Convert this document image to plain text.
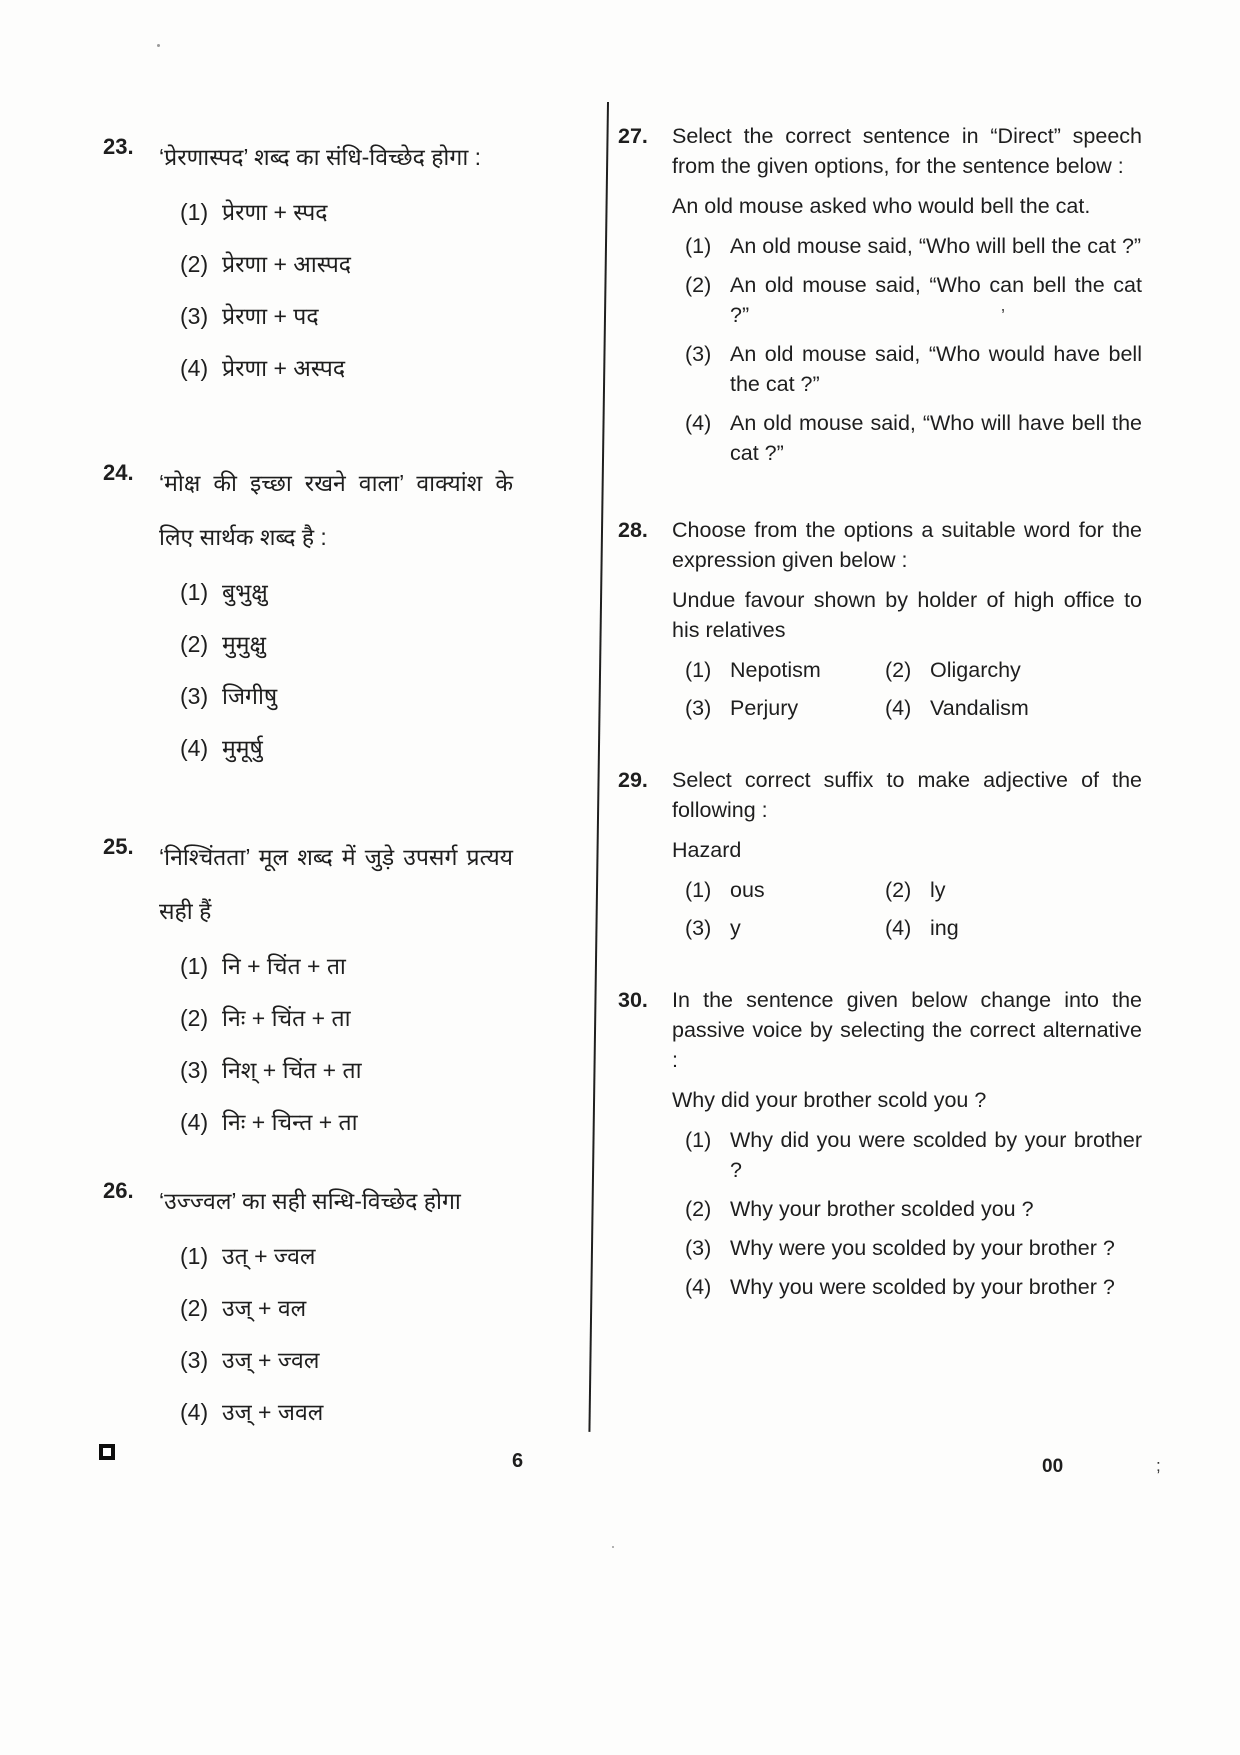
23.	‘प्रेरणास्पद’ शब्द का संधि-विच्छेद होगा :

(1) प्रेरणा + स्पद
(2) प्रेरणा + आस्पद
(3) प्रेरणा + पद
(4) प्रेरणा + अस्पद
24.	‘मोक्ष की इच्छा रखने वाला’ वाक्यांश के लिए सार्थक शब्द है :

(1) बुभुक्षु
(2) मुमुक्षु
(3) जिगीषु
(4) मुमूर्षु
25.	‘निश्चिंतता’ मूल शब्द में जुड़े उपसर्ग प्रत्यय सही हैं

(1) नि + चिंत + ता
(2) निः + चिंत + ता
(3) निश् + चिंत + ता
(4) निः + चिन्त + ता
26.	‘उज्ज्वल’ का सही सन्धि-विच्छेद होगा

(1) उत् + ज्वल
(2) उज् + वल
(3) उज् + ज्वल
(4) उज् + जवल
27.	Select the correct sentence in “Direct” speech from the given options, for the sentence below :

An old mouse asked who would bell the cat.

(1) An old mouse said, “Who will bell the cat ?”
(2) An old mouse said, “Who can bell the cat ?”
(3) An old mouse said, “Who would have bell the cat ?”
(4) An old mouse said, “Who will have bell the cat ?”
28.	Choose from the options a suitable word for the expression given below :

Undue favour shown by holder of high office to his relatives

(1) Nepotism	(2) Oligarchy
(3) Perjury	(4) Vandalism
29.	Select correct suffix to make adjective of the following :

Hazard

(1) ous	(2) ly
(3) y	(4) ing
30.	In the sentence given below change into the passive voice by selecting the correct alternative :

Why did your brother scold you ?

(1) Why did you were scolded by your brother ?
(2) Why your brother scolded you ?
(3) Why were you scolded by your brother ?
(4) Why you were scolded by your brother ?
6	00	;
’
